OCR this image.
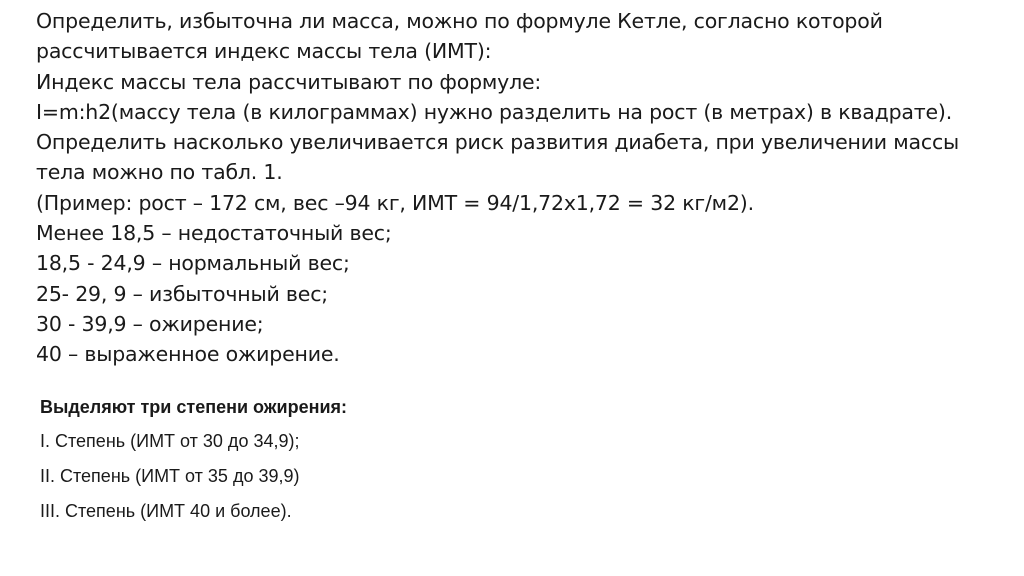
Определить, избыточна ли масса, можно по формуле Кетле, согласно которой
рассчитывается индекс массы тела (ИМТ):
Индекс массы тела рассчитывают по формуле:
I=m:h2(массу тела (в килограммах) нужно разделить на рост (в метрах) в квадрате).
Определить насколько увеличивается риск развития диабета, при увеличении массы
тела можно по табл. 1.
(Пример: рост – 172 см, вес –94 кг, ИМТ = 94/1,72х1,72 = 32 кг/м2).
Менее 18,5 – недостаточный вес;
18,5 - 24,9 – нормальный вес;
25- 29, 9 – избыточный вес;
30 - 39,9 – ожирение;
40 – выраженное ожирение.
Выделяют три степени ожирения:
I. Степень (ИМТ от 30 до 34,9);
II. Степень (ИМТ от 35 до 39,9)
III. Степень (ИМТ 40 и более).
